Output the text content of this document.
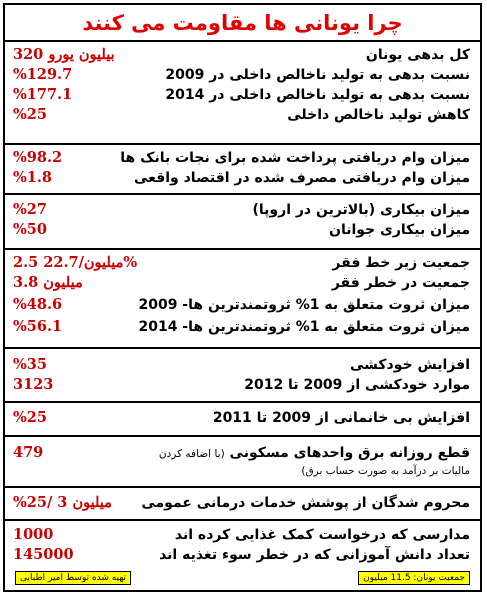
چرا یونانی ها مقاومت می کنند
کل بدهی یونان
نسبت بدهی به تولید ناخالص داخلی در 2009
نسبت بدهی به تولید ناخالص داخلی در 2014
کاهش تولید ناخالص داخلی
320 بیلیون یورو
%129.7
%177.1
%25
میزان وام دریافتی پرداخت شده برای نجات بانک ها
میزان وام دریافتی مصرف شده در اقتصاد واقعی
%98.2
%1.8
میزان بیکاری (بالاترین در اروپا)
میزان بیکاری جوانان
%27
%50
جمعیت زیر خط فقر
جمعیت در خطر فقر
میزان ثروت متعلق به 1% ثروتمندترین ها- 2009
میزان ثروت متعلق به 1% ثروتمندترین ها- 2014
2.5 میلیون/22.7%
3.8 میلیون
%48.6
%56.1
افزایش خودکشی
موارد خودکشی از 2009 تا 2012
%35
3123
افزایش بی خانمانی از 2009 تا 2011
%25
قطع روزانه برق واحدهای مسکونی (با اضافه کردن
مالیات بر درآمد به صورت حساب برق)
479
محروم شدگان از پوشش خدمات درمانی عمومی
%25/ 3 میلیون
مدارسی که درخواست کمک غذایی کرده اند
تعداد دانش آموزانی که در خطر سوء تغذیه اند
1000
145000
جمعیت یونان: 11.5 میلیون
تهیه شده توسط امیر اطبایی
